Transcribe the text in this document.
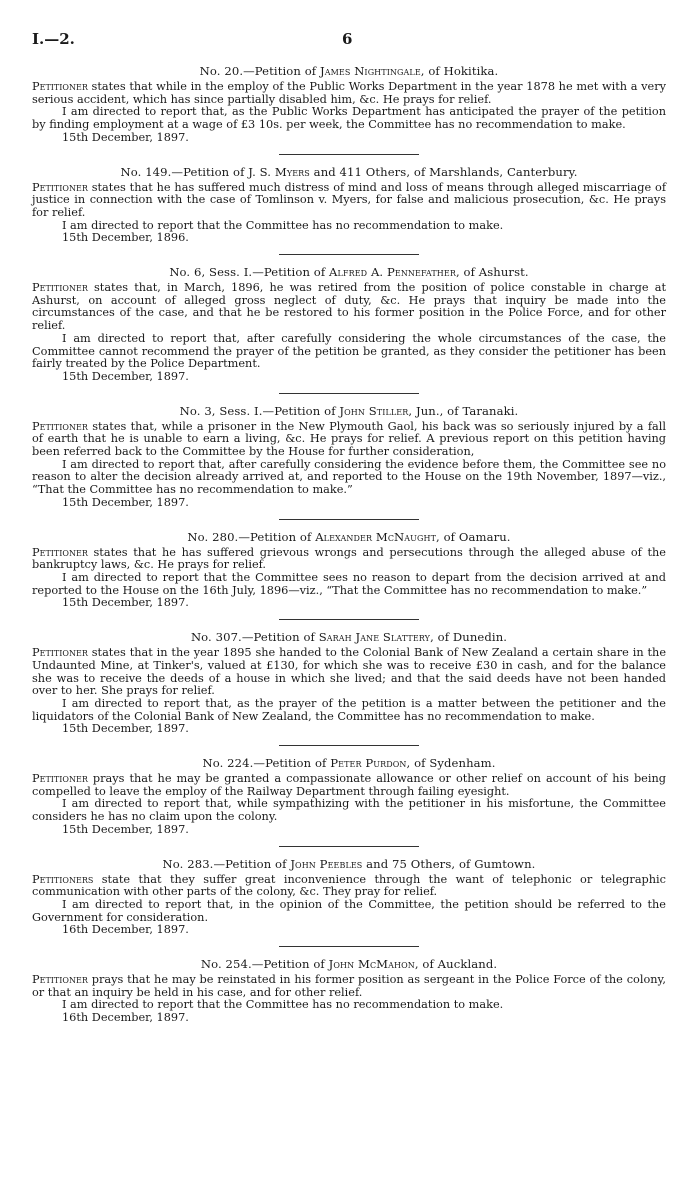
I.—2.	6

No. 20.—Petition of James Nightingale, of Hokitika.

Petitioner states that while in the employ of the Public Works Department in the year 1878 he met with a very serious accident, which has since partially disabled him, &c. He prays for relief.

I am directed to report that, as the Public Works Department has anticipated the prayer of the petition by finding employment at a wage of £3 10s. per week, the Committee has no recommendation to make.

15th December, 1897.

No. 149.—Petition of J. S. Myers and 411 Others, of Marshlands, Canterbury.

Petitioner states that he has suffered much distress of mind and loss of means through alleged miscarriage of justice in connection with the case of Tomlinson v. Myers, for false and malicious prosecution, &c. He prays for relief.

I am directed to report that the Committee has no recommendation to make.

15th December, 1896.

No. 6, Sess. I.—Petition of Alfred A. Pennefather, of Ashurst.

Petitioner states that, in March, 1896, he was retired from the position of police constable in charge at Ashurst, on account of alleged gross neglect of duty, &c. He prays that inquiry be made into the circumstances of the case, and that he be restored to his former position in the Police Force, and for other relief.

I am directed to report that, after carefully considering the whole circumstances of the case, the Committee cannot recommend the prayer of the petition be granted, as they consider the petitioner has been fairly treated by the Police Department.

15th December, 1897.

No. 3, Sess. I.—Petition of John Stiller, Jun., of Taranaki.

Petitioner states that, while a prisoner in the New Plymouth Gaol, his back was so seriously injured by a fall of earth that he is unable to earn a living, &c. He prays for relief. A previous report on this petition having been referred back to the Committee by the House for further consideration,

I am directed to report that, after carefully considering the evidence before them, the Committee see no reason to alter the decision already arrived at, and reported to the House on the 19th November, 1897—viz., “That the Committee has no recommendation to make.”

15th December, 1897.

No. 280.—Petition of Alexander McNaught, of Oamaru.

Petitioner states that he has suffered grievous wrongs and persecutions through the alleged abuse of the bankruptcy laws, &c. He prays for relief.

I am directed to report that the Committee sees no reason to depart from the decision arrived at and reported to the House on the 16th July, 1896—viz., “That the Committee has no recommendation to make.”

15th December, 1897.

No. 307.—Petition of Sarah Jane Slattery, of Dunedin.

Petitioner states that in the year 1895 she handed to the Colonial Bank of New Zealand a certain share in the Undaunted Mine, at Tinker's, valued at £130, for which she was to receive £30 in cash, and for the balance she was to receive the deeds of a house in which she lived; and that the said deeds have not been handed over to her. She prays for relief.

I am directed to report that, as the prayer of the petition is a matter between the petitioner and the liquidators of the Colonial Bank of New Zealand, the Committee has no recommendation to make.

15th December, 1897.

No. 224.—Petition of Peter Purdon, of Sydenham.

Petitioner prays that he may be granted a compassionate allowance or other relief on account of his being compelled to leave the employ of the Railway Department through failing eyesight.

I am directed to report that, while sympathizing with the petitioner in his misfortune, the Committee considers he has no claim upon the colony.

15th December, 1897.

No. 283.—Petition of John Peebles and 75 Others, of Gumtown.

Petitioners state that they suffer great inconvenience through the want of telephonic or telegraphic communication with other parts of the colony, &c. They pray for relief.

I am directed to report that, in the opinion of the Committee, the petition should be referred to the Government for consideration.

16th December, 1897.

No. 254.—Petition of John McMahon, of Auckland.

Petitioner prays that he may be reinstated in his former position as sergeant in the Police Force of the colony, or that an inquiry be held in his case, and for other relief.

I am directed to report that the Committee has no recommendation to make.

16th December, 1897.
